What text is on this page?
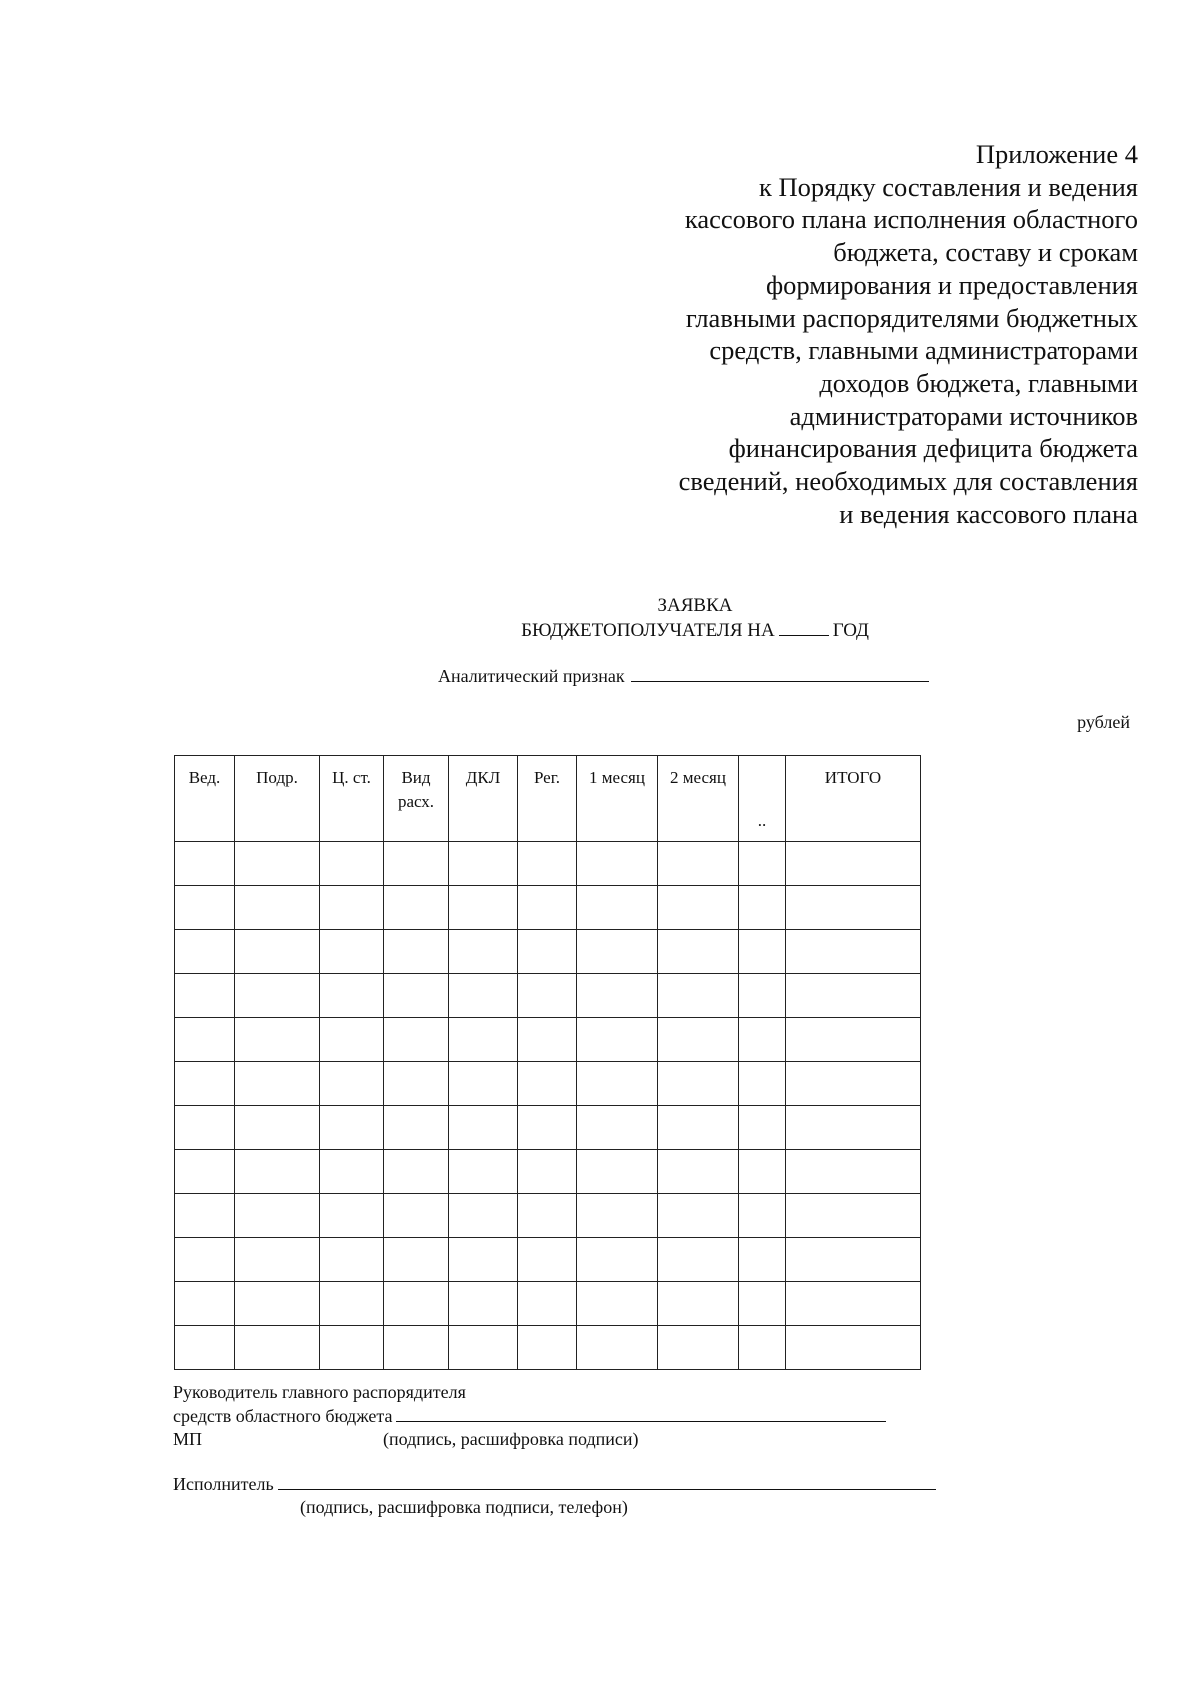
Приложение 4
к Порядку составления и ведения
кассового плана исполнения областного
бюджета, составу и срокам
формирования и предоставления
главными распорядителями бюджетных
средств, главными администраторами
доходов бюджета, главными
администраторами источников
финансирования дефицита бюджета
сведений, необходимых для составления
и ведения кассового плана
ЗАЯВКА
БЮДЖЕТОПОЛУЧАТЕЛЯ НА	ГОД
Аналитический признак
рублей
Вед.	Подр.	Ц. ст.	Вид расх.	ДКЛ	Рег.	1 месяц	2 месяц	..	ИТОГО

Руководитель главного распорядителя
средств областного бюджета
МП	(подпись, расшифровка подписи)
Исполнитель
(подпись, расшифровка подписи, телефон)
